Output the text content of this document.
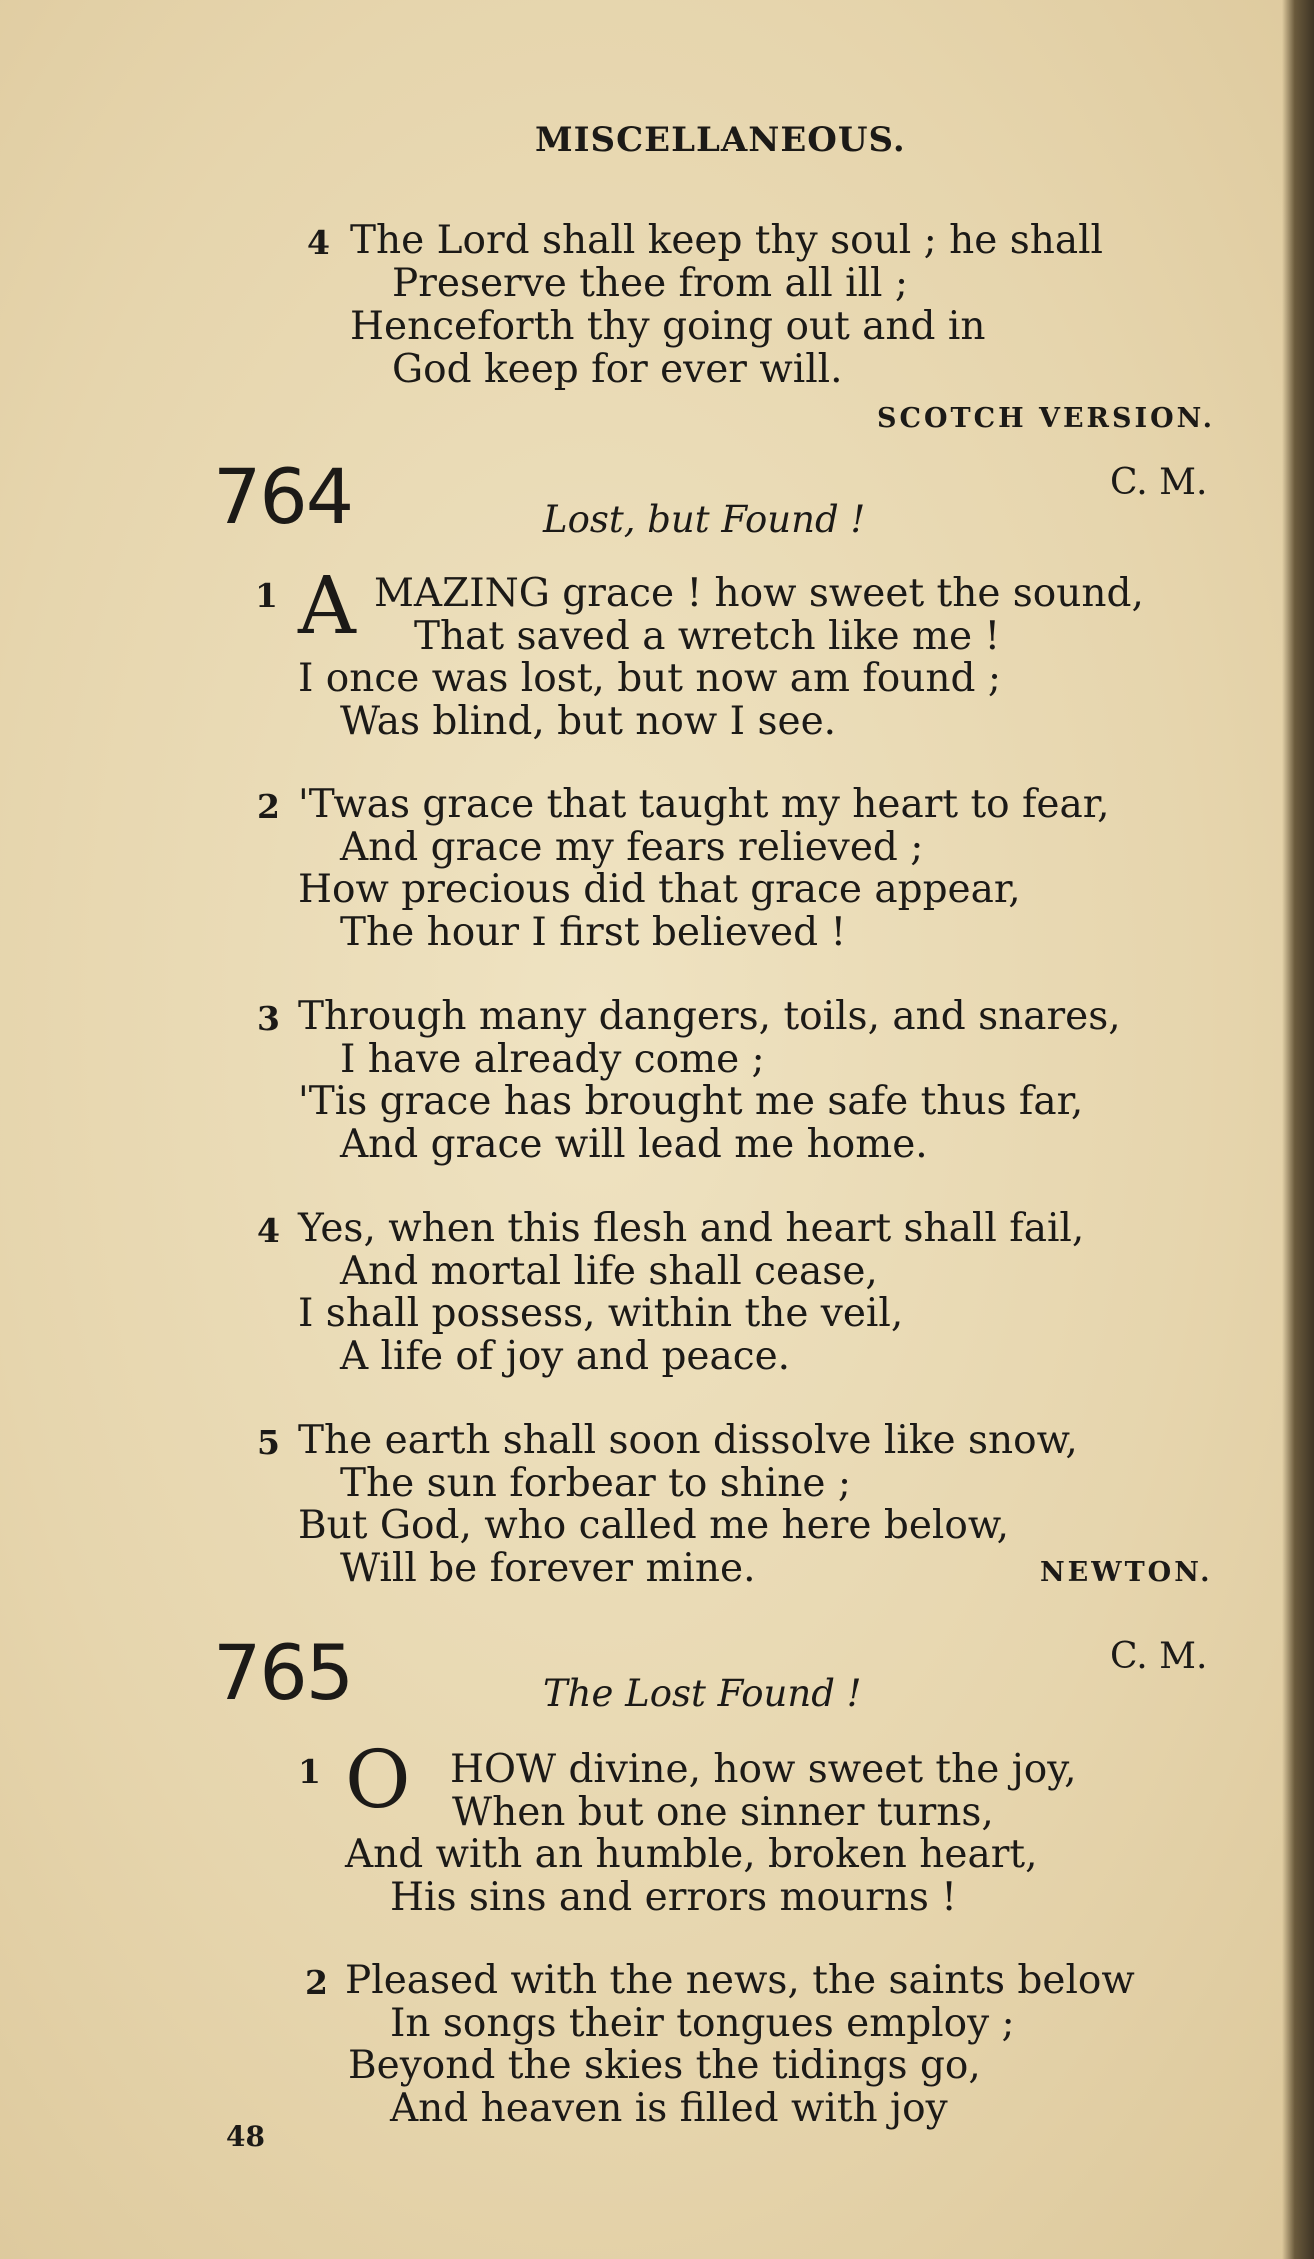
MISCELLANEOUS.
4 The Lord shall keep thy soul ; he shall
Preserve thee from all ill ;
Henceforth thy going out and in
God keep for ever will.
SCOTCH VERSION.
764	C. M.
Lost, but Found !
1 A MAZING grace ! how sweet the sound,
That saved a wretch like me !
I once was lost, but now am found ;
Was blind, but now I see.
2 'Twas grace that taught my heart to fear,
And grace my fears relieved ;
How precious did that grace appear,
The hour I first believed !
3 Through many dangers, toils, and snares,
I have already come ;
'Tis grace has brought me safe thus far,
And grace will lead me home.
4 Yes, when this flesh and heart shall fail,
And mortal life shall cease,
I shall possess, within the veil,
A life of joy and peace.
5 The earth shall soon dissolve like snow,
The sun forbear to shine ;
But God, who called me here below,
Will be forever mine.	NEWTON.
765	C. M.
The Lost Found !
1 O HOW divine, how sweet the joy,
When but one sinner turns,
And with an humble, broken heart,
His sins and errors mourns !
2 Pleased with the news, the saints below
In songs their tongues employ ;
Beyond the skies the tidings go,
And heaven is filled with joy
48
